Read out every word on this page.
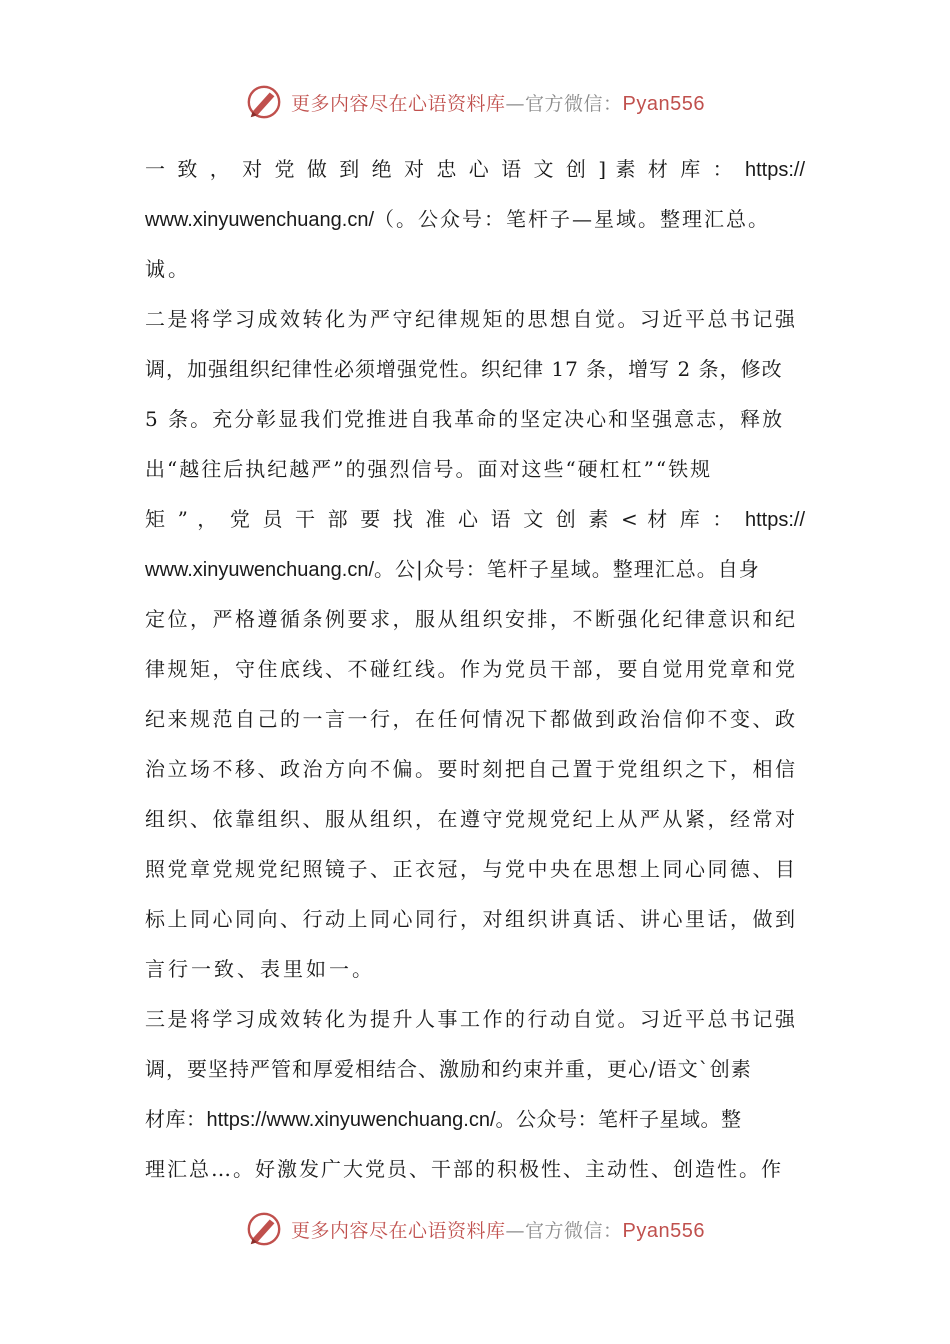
更多内容尽在心语资料库—官方微信：Pyan556
一 致 ， 对 党 做 到 绝 对 忠 心 语 文 创 ] 素 材 库 ： https://
www.xinyuwenchuang.cn/（。公众号：笔杆子—星域。整理汇总。
诚。
二是将学习成效转化为严守纪律规矩的思想自觉。习近平总书记强
调，加强组织纪律性必须增强党性。织纪律 17 条，增写 2 条，修改
5 条。充分彰显我们党推进自我革命的坚定决心和坚强意志，释放
出“越往后执纪越严”的强烈信号。面对这些“硬杠杠”“铁规
矩 ” ， 党 员 干 部 要 找 准 心 语 文 创 素 < 材 库 ： https://
www.xinyuwenchuang.cn/。公|众号：笔杆子星域。整理汇总。自身
定位，严格遵循条例要求，服从组织安排，不断强化纪律意识和纪
律规矩，守住底线、不碰红线。作为党员干部，要自觉用党章和党
纪来规范自己的一言一行，在任何情况下都做到政治信仰不变、政
治立场不移、政治方向不偏。要时刻把自己置于党组织之下，相信
组织、依靠组织、服从组织，在遵守党规党纪上从严从紧，经常对
照党章党规党纪照镜子、正衣冠，与党中央在思想上同心同德、目
标上同心同向、行动上同心同行，对组织讲真话、讲心里话，做到
言行一致、表里如一。
三是将学习成效转化为提升人事工作的行动自觉。习近平总书记强
调，要坚持严管和厚爱相结合、激励和约束并重，更心/语文`创素
材库：https://www.xinyuwenchuang.cn/。公众号：笔杆子星域。整
理汇总…。好激发广大党员、干部的积极性、主动性、创造性。作
更多内容尽在心语资料库—官方微信：Pyan556
